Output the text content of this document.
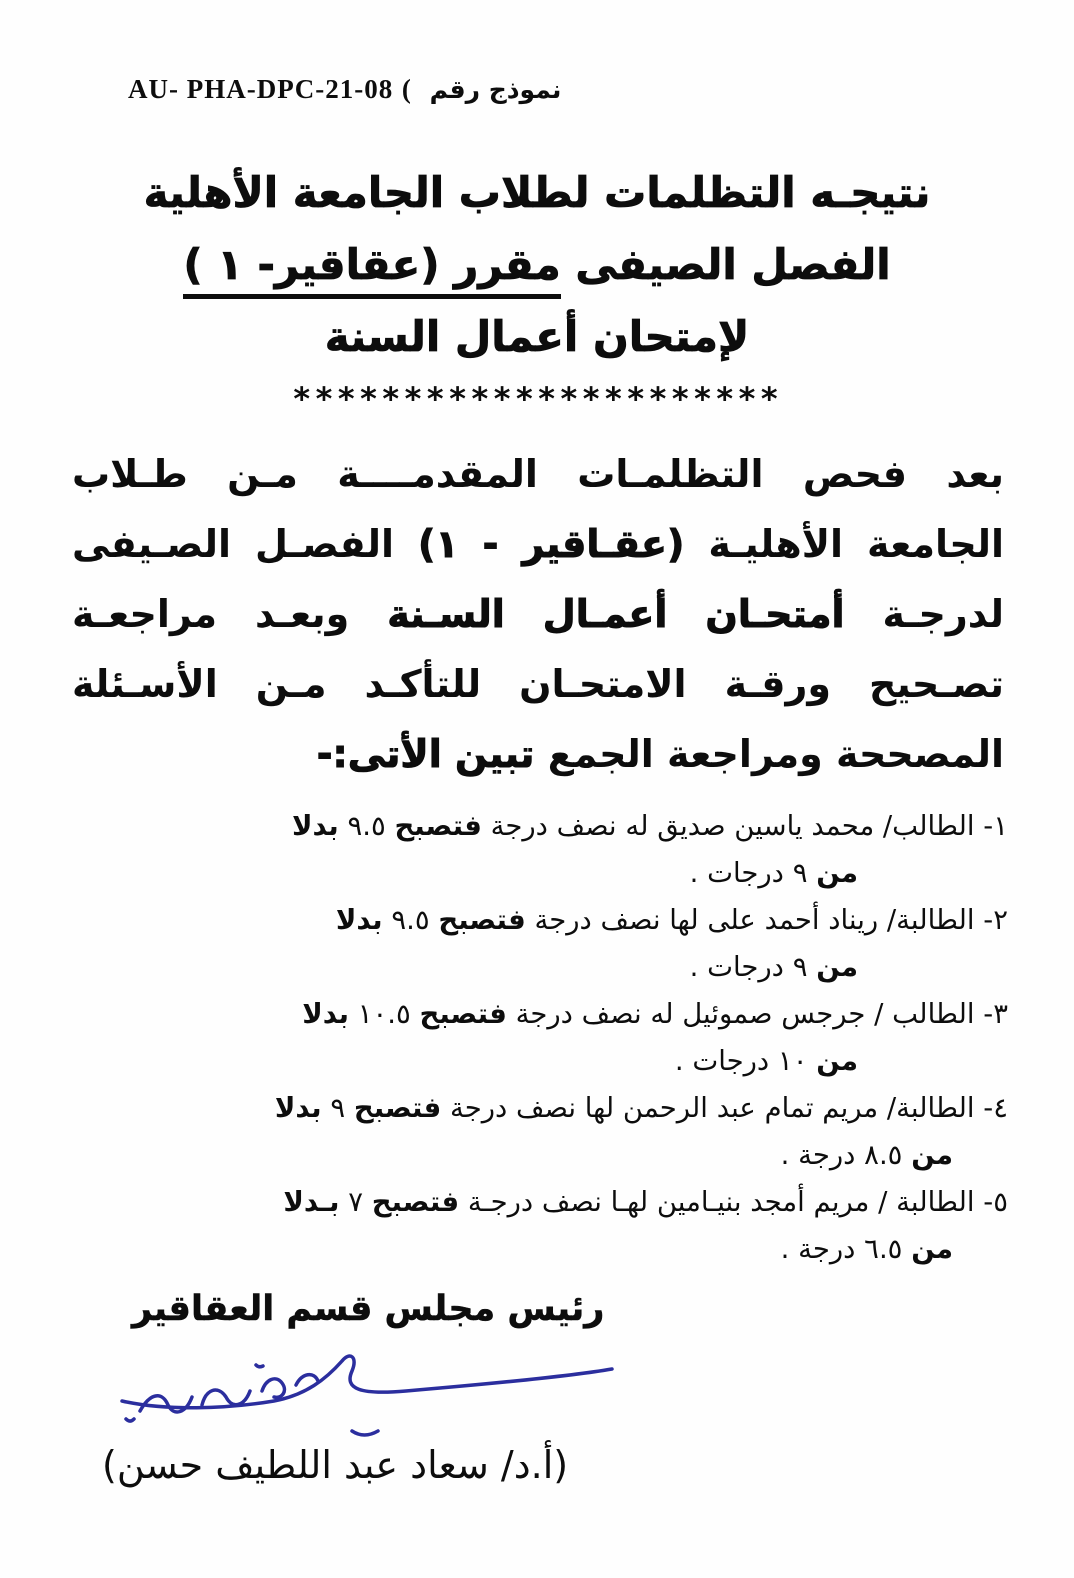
نموذج رقم ( AU- PHA-DPC-21-08
نتيجـه التظلمات لطلاب الجامعة الأهلية
الفصل الصيفى مقرر (عقاقير- ١ )
لإمتحان أعمال السنة
**********************
بعد فحص التظلمـات المقدمــــة مـن طـلاب
الجامعة الأهليـة (عقـاقير - ١) الفصـل الصـيفى
لدرجـة أمتحـان أعمـال السـنة وبعـد مراجعـة
تصـحيح ورقـة الامتحـان للتأكـد مـن الأسـئلة
المصححة ومراجعة الجمع تبين الأتى:-
١- الطالب/ محمد ياسين صديق له نصف درجة فتصبح ٩.٥ بدلا
من ٩ درجات .
٢- الطالبة/ ريناد أحمد على لها نصف درجة فتصبح ٩.٥ بدلا
من ٩ درجات .
٣- الطالب / جرجس صموئيل له نصف درجة فتصبح ١٠.٥ بدلا
من ١٠ درجات .
٤- الطالبة/ مريم تمام عبد الرحمن لها نصف درجة فتصبح ٩ بدلا
من ٨.٥ درجة .
٥- الطالبة / مريم أمجد بنيـامين لهـا نصف درجـة فتصبح ٧ بـدلا
من ٦.٥ درجة .
رئيس مجلس قسم العقاقير
(أ.د/ سعاد عبد اللطيف حسن)
